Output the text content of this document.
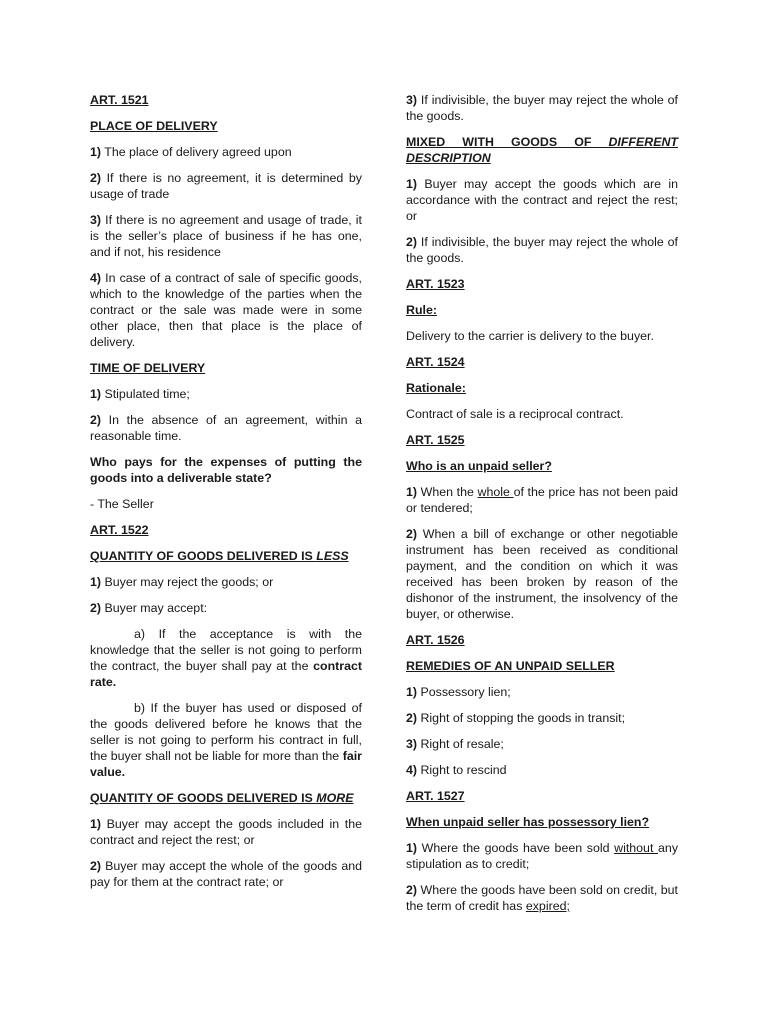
ART. 1521

PLACE OF DELIVERY

1) The place of delivery agreed upon

2) If there is no agreement, it is determined by usage of trade

3) If there is no agreement and usage of trade, it is the seller’s place of business if he has one, and if not, his residence

4) In case of a contract of sale of specific goods, which to the knowledge of the parties when the contract or the sale was made were in some other place, then that place is the place of delivery.

TIME OF DELIVERY

1) Stipulated time;

2) In the absence of an agreement, within a reasonable time.

Who pays for the expenses of putting the goods into a deliverable state?

- The Seller

ART. 1522

QUANTITY OF GOODS DELIVERED IS LESS

1) Buyer may reject the goods; or

2) Buyer may accept:

a) If the acceptance is with the knowledge that the seller is not going to perform the contract, the buyer shall pay at the contract rate.

b) If the buyer has used or disposed of the goods delivered before he knows that the seller is not going to perform his contract in full, the buyer shall not be liable for more than the fair value.

QUANTITY OF GOODS DELIVERED IS MORE

1) Buyer may accept the goods included in the contract and reject the rest; or

2) Buyer may accept the whole of the goods and pay for them at the contract rate; or

3) If indivisible, the buyer may reject the whole of the goods.

MIXED WITH GOODS OF DIFFERENT DESCRIPTION

1) Buyer may accept the goods which are in accordance with the contract and reject the rest; or

2) If indivisible, the buyer may reject the whole of the goods.

ART. 1523

Rule:

Delivery to the carrier is delivery to the buyer.

ART. 1524

Rationale:

Contract of sale is a reciprocal contract.

ART. 1525

Who is an unpaid seller?

1) When the whole of the price has not been paid or tendered;

2) When a bill of exchange or other negotiable instrument has been received as conditional payment, and the condition on which it was received has been broken by reason of the dishonor of the instrument, the insolvency of the buyer, or otherwise.

ART. 1526

REMEDIES OF AN UNPAID SELLER

1) Possessory lien;

2) Right of stopping the goods in transit;

3) Right of resale;

4) Right to rescind

ART. 1527

When unpaid seller has possessory lien?

1) Where the goods have been sold without any stipulation as to credit;

2) Where the goods have been sold on credit, but the term of credit has expired;
